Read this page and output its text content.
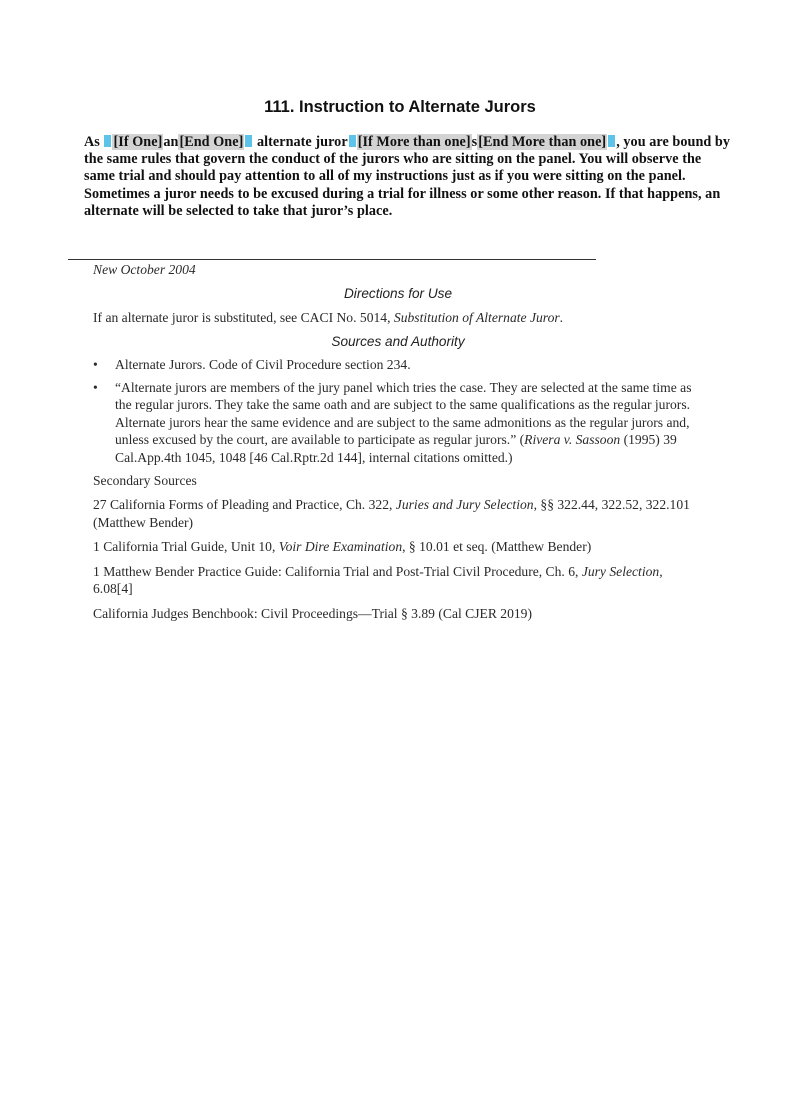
111. Instruction to Alternate Jurors
As [If One]an[End One] alternate juror [If More than one]s[End More than one] , you are bound by the same rules that govern the conduct of the jurors who are sitting on the panel. You will observe the same trial and should pay attention to all of my instructions just as if you were sitting on the panel. Sometimes a juror needs to be excused during a trial for illness or some other reason. If that happens, an alternate will be selected to take that juror’s place.

New October 2004

Directions for Use

If an alternate juror is substituted, see CACI No. 5014, Substitution of Alternate Juror.

Sources and Authority

• Alternate Jurors. Code of Civil Procedure section 234.
• “Alternate jurors are members of the jury panel which tries the case. They are selected at the same time as the regular jurors. They take the same oath and are subject to the same qualifications as the regular jurors. Alternate jurors hear the same evidence and are subject to the same admonitions as the regular jurors and, unless excused by the court, are available to participate as regular jurors.” (Rivera v. Sassoon (1995) 39 Cal.App.4th 1045, 1048 [46 Cal.Rptr.2d 144], internal citations omitted.)

Secondary Sources

27 California Forms of Pleading and Practice, Ch. 322, Juries and Jury Selection, §§ 322.44, 322.52, 322.101 (Matthew Bender)

1 California Trial Guide, Unit 10, Voir Dire Examination, § 10.01 et seq. (Matthew Bender)

1 Matthew Bender Practice Guide: California Trial and Post-Trial Civil Procedure, Ch. 6, Jury Selection, 6.08[4]

California Judges Benchbook: Civil Proceedings—Trial § 3.89 (Cal CJER 2019)
